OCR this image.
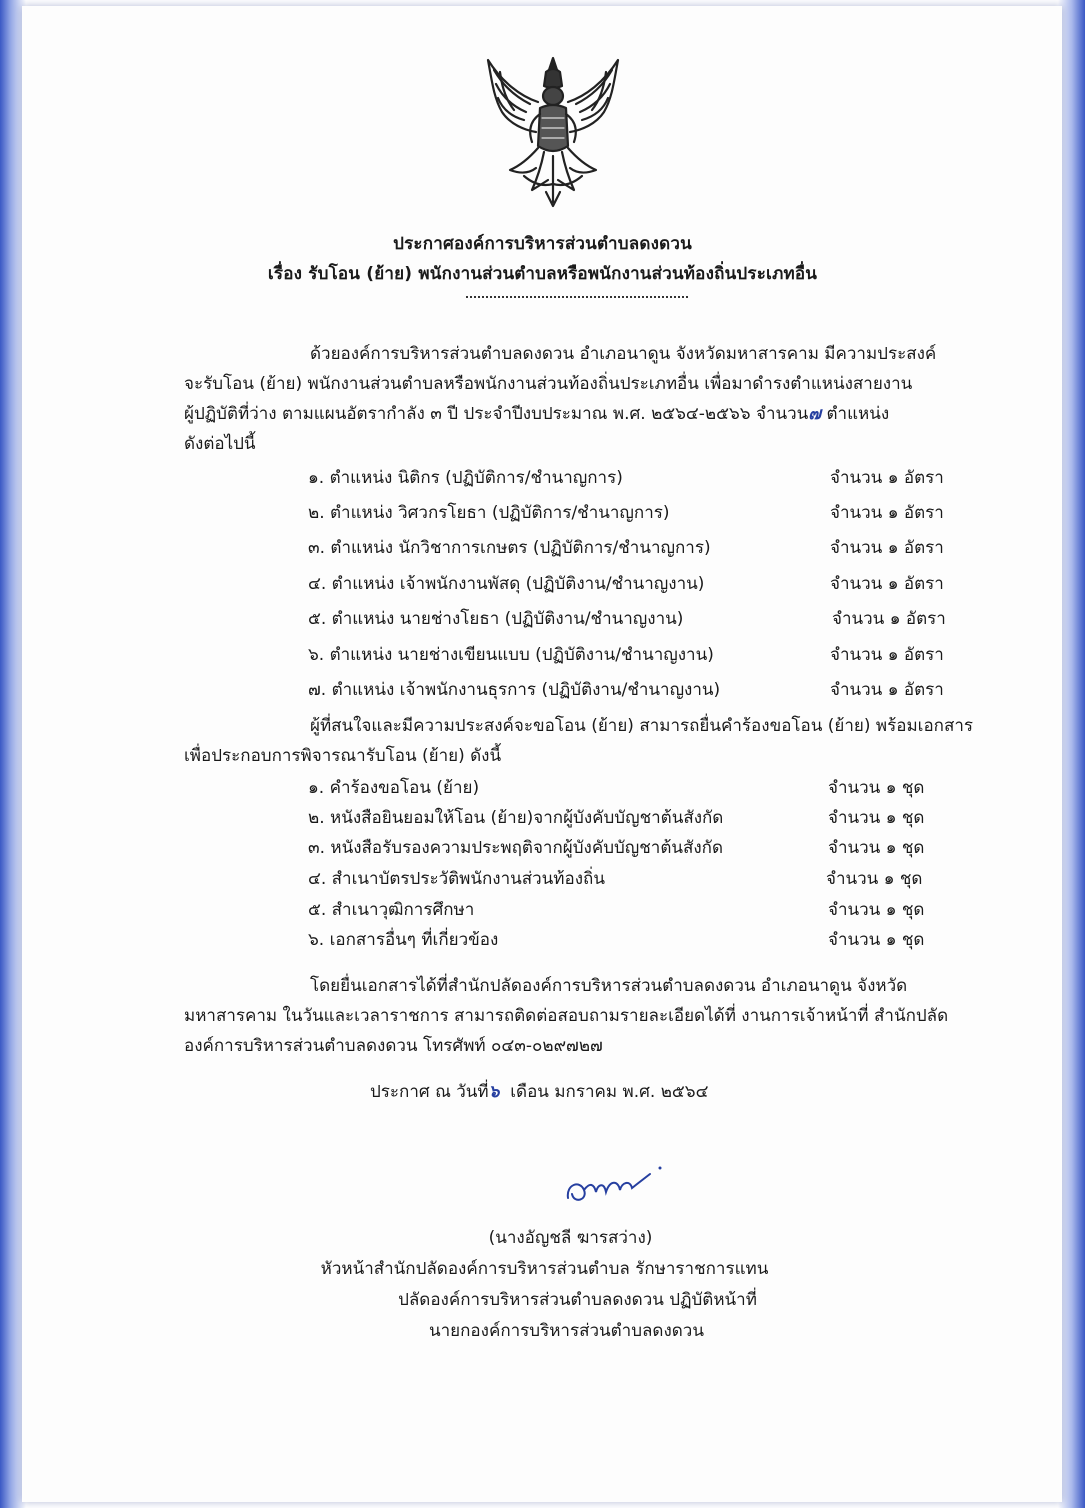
ประกาศองค์การบริหารส่วนตำบลดงดวน
เรื่อง รับโอน (ย้าย) พนักงานส่วนตำบลหรือพนักงานส่วนท้องถิ่นประเภทอื่น
ด้วยองค์การบริหารส่วนตำบลดงดวน อำเภอนาดูน จังหวัดมหาสารคาม มีความประสงค์
จะรับโอน (ย้าย) พนักงานส่วนตำบลหรือพนักงานส่วนท้องถิ่นประเภทอื่น เพื่อมาดำรงตำแหน่งสายงาน
ผู้ปฏิบัติที่ว่าง ตามแผนอัตรากำลัง ๓ ปี ประจำปีงบประมาณ พ.ศ. ๒๕๖๔-๒๕๖๖ จำนวน๗ ตำแหน่ง
ดังต่อไปนี้
๑. ตำแหน่ง นิติกร (ปฏิบัติการ/ชำนาญการ)	จำนวน ๑ อัตรา
๒. ตำแหน่ง วิศวกรโยธา (ปฏิบัติการ/ชำนาญการ)	จำนวน ๑ อัตรา
๓. ตำแหน่ง นักวิชาการเกษตร (ปฏิบัติการ/ชำนาญการ)	จำนวน ๑ อัตรา
๔. ตำแหน่ง เจ้าพนักงานพัสดุ (ปฏิบัติงาน/ชำนาญงาน)	จำนวน ๑ อัตรา
๕. ตำแหน่ง นายช่างโยธา (ปฏิบัติงาน/ชำนาญงาน)	จำนวน ๑ อัตรา
๖. ตำแหน่ง นายช่างเขียนแบบ (ปฏิบัติงาน/ชำนาญงาน)	จำนวน ๑ อัตรา
๗. ตำแหน่ง เจ้าพนักงานธุรการ (ปฏิบัติงาน/ชำนาญงาน)	จำนวน ๑ อัตรา
ผู้ที่สนใจและมีความประสงค์จะขอโอน (ย้าย) สามารถยื่นคำร้องขอโอน (ย้าย) พร้อมเอกสาร
เพื่อประกอบการพิจารณารับโอน (ย้าย) ดังนี้
๑. คำร้องขอโอน (ย้าย)	จำนวน ๑ ชุด
๒. หนังสือยินยอมให้โอน (ย้าย)จากผู้บังคับบัญชาต้นสังกัด	จำนวน ๑ ชุด
๓. หนังสือรับรองความประพฤติจากผู้บังคับบัญชาต้นสังกัด	จำนวน ๑ ชุด
๔. สำเนาบัตรประวัติพนักงานส่วนท้องถิ่น	จำนวน ๑ ชุด
๕. สำเนาวุฒิการศึกษา	จำนวน ๑ ชุด
๖. เอกสารอื่นๆ ที่เกี่ยวข้อง	จำนวน ๑ ชุด
โดยยื่นเอกสารได้ที่สำนักปลัดองค์การบริหารส่วนตำบลดงดวน อำเภอนาดูน จังหวัด
มหาสารคาม ในวันและเวลาราชการ สามารถติดต่อสอบถามรายละเอียดได้ที่ งานการเจ้าหน้าที่ สำนักปลัด
องค์การบริหารส่วนตำบลดงดวน โทรศัพท์ ๐๔๓-๐๒๙๗๒๗
ประกาศ ณ วันที่๖ เดือน มกราคม พ.ศ. ๒๕๖๔
(นางอัญชลี ฆารสว่าง)
หัวหน้าสำนักปลัดองค์การบริหารส่วนตำบล รักษาราชการแทน
ปลัดองค์การบริหารส่วนตำบลดงดวน ปฏิบัติหน้าที่
นายกองค์การบริหารส่วนตำบลดงดวน
